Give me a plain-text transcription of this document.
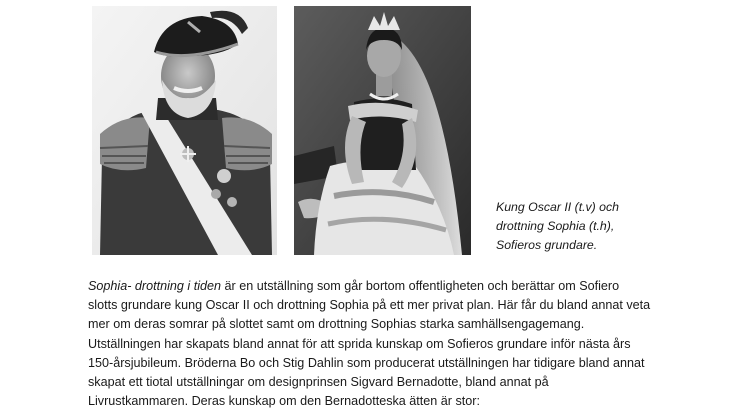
Kung Oscar II (t.v) och
drottning Sophia (t.h),
Sofieros grundare.

Sophia- drottning i tiden är en utställning som går bortom offentligheten och berättar om Sofiero

slotts grundare kung Oscar II och drottning Sophia på ett mer privat plan. Här får du bland annat veta

mer om deras somrar på slottet samt om drottning Sophias starka samhällsengagemang.

Utställningen har skapats bland annat för att sprida kunskap om Sofieros grundare inför nästa års

150-årsjubileum. Bröderna Bo och Stig Dahlin som producerat utställningen har tidigare bland annat

skapat ett tiotal utställningar om designprinsen Sigvard Bernadotte, bland annat på

Livrustkammaren. Deras kunskap om den Bernadotteska ätten är stor:
